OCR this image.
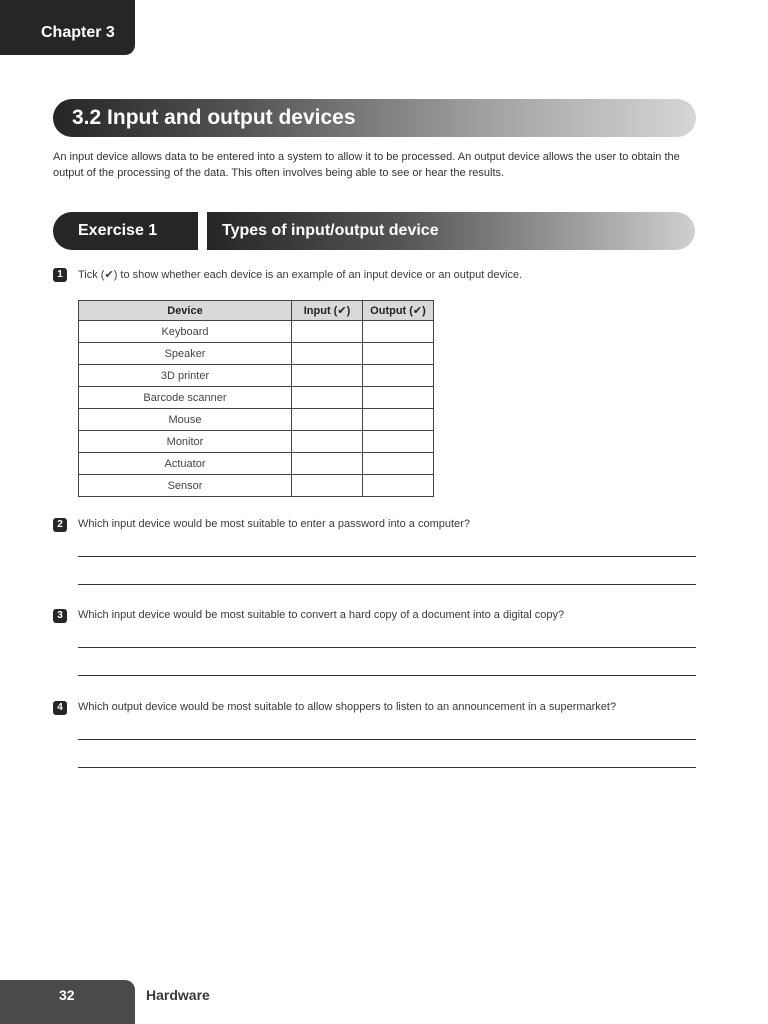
Chapter 3
3.2 Input and output devices
An input device allows data to be entered into a system to allow it to be processed. An output device allows the user to obtain the output of the processing of the data. This often involves being able to see or hear the results.
Exercise 1	Types of input/output device
1	Tick (✔) to show whether each device is an example of an input device or an output device.
Device	Input (✔)	Output (✔)
Keyboard		
Speaker		
3D printer		
Barcode scanner		
Mouse		
Monitor		
Actuator		
Sensor		
2	Which input device would be most suitable to enter a password into a computer?
3	Which input device would be most suitable to convert a hard copy of a document into a digital copy?
4	Which output device would be most suitable to allow shoppers to listen to an announcement in a supermarket?
32	Hardware
